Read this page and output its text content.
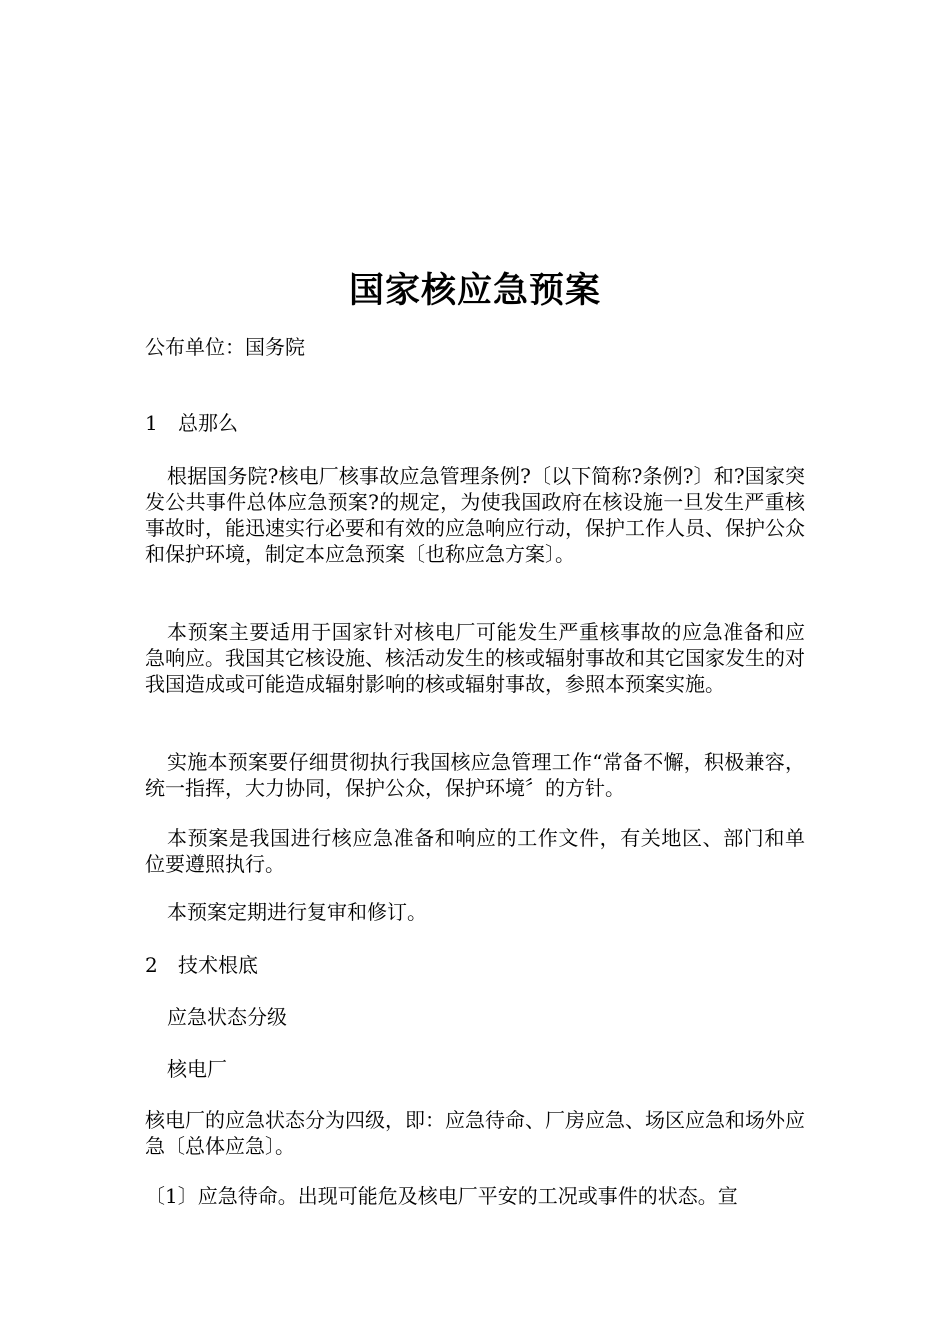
国家核应急预案
公布单位：国务院
1 总那么
根据国务院?核电厂核事故应急管理条例?〔以下简称?条例?〕和?国家突发公共事件总体应急预案?的规定，为使我国政府在核设施一旦发生严重核事故时，能迅速实行必要和有效的应急响应行动，保护工作人员、保护公众和保护环境，制定本应急预案〔也称应急方案〕。
本预案主要适用于国家针对核电厂可能发生严重核事故的应急准备和应急响应。我国其它核设施、核活动发生的核或辐射事故和其它国家发生的对我国造成或可能造成辐射影响的核或辐射事故，参照本预案实施。
实施本预案要仔细贯彻执行我国核应急管理工作“常备不懈，积极兼容，统一指挥，大力协同，保护公众，保护环境〞的方针。
本预案是我国进行核应急准备和响应的工作文件，有关地区、部门和单位要遵照执行。
本预案定期进行复审和修订。
2 技术根底
应急状态分级
核电厂
核电厂的应急状态分为四级，即：应急待命、厂房应急、场区应急和场外应急〔总体应急〕。
〔1〕应急待命。出现可能危及核电厂平安的工况或事件的状态。宣
